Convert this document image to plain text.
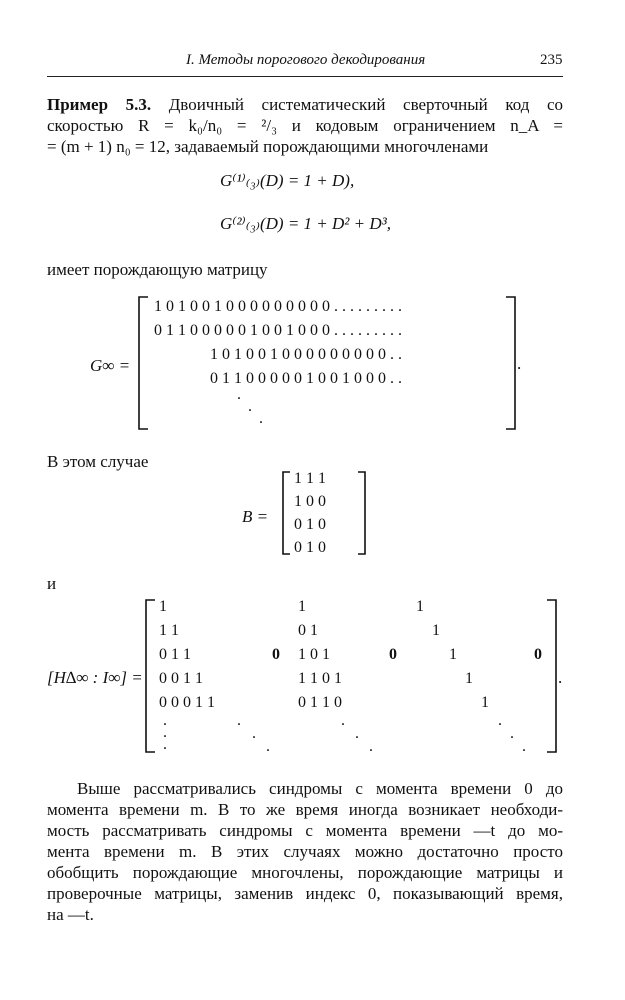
I. Методы порогового декодирования	235
Пример 5.3. Двоичный систематический сверточный код со
скоростью R = k₀/n₀ = ²/₃ и кодовым ограничением n_A =
= (m + 1) n₀ = 12, задаваемый порождающими многочленами
G⁽¹⁾₍₃₎(D) = 1 + D),
G⁽²⁾₍₃₎(D) = 1 + D² + D³,
имеет порождающую матрицу
G∞ =
1 0 1 0 0 1 0 0 0 0 0 0 0 0 0 . . . . . . . . .
0 1 1 0 0 0 0 0 1 0 0 1 0 0 0 . . . . . . . . .
1 0 1 0 0 1 0 0 0 0 0 0 0 0 0 . .
0 1 1 0 0 0 0 0 1 0 0 1 0 0 0 . .
.
.
.
.
В этом случае
B =
1 1 1
1 0 0
0 1 0
0 1 0
и
[H∆∞ : I∞] =
1
1 1
0 1 1
0 0 1 1
0 0 0 1 1
.
.
.
.
.
.
0
1
0 1
1 0 1
1 1 0 1
0 1 1 0
.
.
.
0
1
1
1
1
1
.
.
.
0
.
Выше рассматривались синдромы с момента времени 0 до
момента времени m. В то же время иногда возникает необходи-
мость рассматривать синдромы с момента времени —t до мо-
мента времени m. В этих случаях можно достаточно просто
обобщить порождающие многочлены, порождающие матрицы и
проверочные матрицы, заменив индекс 0, показывающий время,
на —t.
